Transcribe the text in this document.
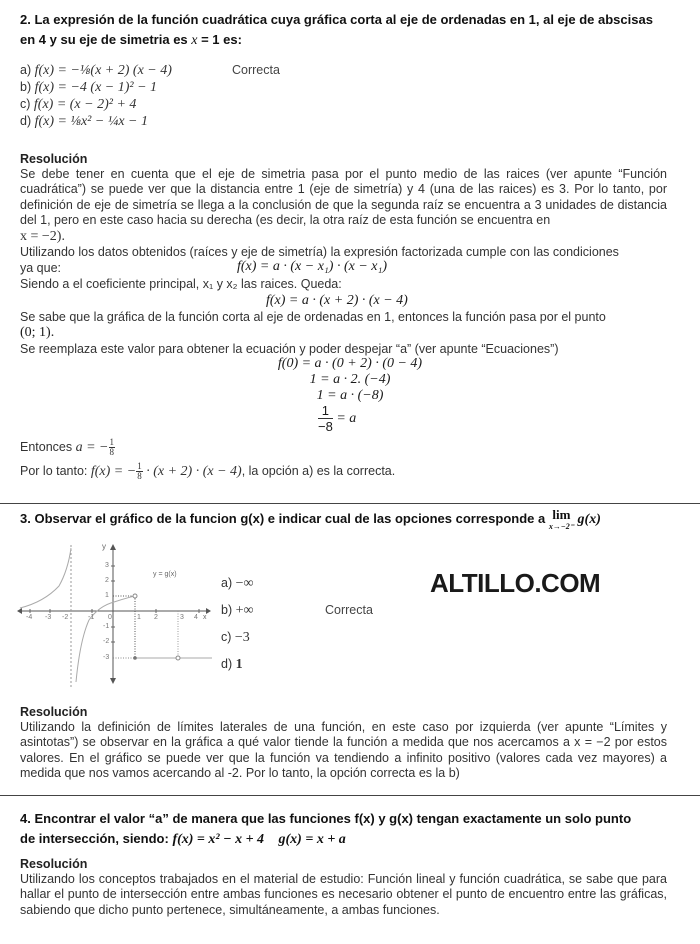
2. La expresión de la función cuadrática cuya gráfica corta al eje de ordenadas en 1, al eje de abscisas
en 4 y su eje de simetria es x = 1 es:
a) f(x) = −⅛(x + 2) (x − 4)	Correcta
b) f(x) = −4 (x − 1)² − 1
c) f(x) = (x − 2)² + 4
d) f(x) = ⅛x² − ¼x − 1
Resolución
Se debe tener en cuenta que el eje de simetria pasa por el punto medio de las raices (ver apunte “Función cuadrática”) se puede ver que la distancia entre 1 (eje de simetría) y 4 (una de las raices) es 3. Por lo tanto, por definición de eje de simetría se llega a la conclusión de que la segunda raíz se encuentra a 3 unidades de distancia del 1, pero en este caso hacia su derecha (es decir, la otra raíz de esta función se encuentra en
x = −2).
Utilizando los datos obtenidos (raíces y eje de simetría) la expresión factorizada cumple con las condiciones
ya que:	f(x) = a · (x − x₁) · (x − x₁)
Siendo a el coeficiente principal, x₁ y x₂ las raices. Queda:
f(x) = a · (x + 2) · (x − 4)
Se sabe que la gráfica de la función corta al eje de ordenadas en 1, entonces la función pasa por el punto
(0; 1).
Se reemplaza este valor para obtener la ecuación y poder despejar “a” (ver apunte “Ecuaciones”)
f(0) = a · (0 + 2) · (0 − 4)
1 = a · 2. (−4)
1 = a · (−8)
$\frac{1}{-8} = a$
Entonces a = − $\frac{1}{8}$
Por lo tanto: f(x) = − $\frac{1}{8} \cdot (x + 2) \cdot (x - 4)$, la opción a) es la correcta.
3. Observar el gráfico de la funcion g(x) e indicar cual de las opciones corresponde a lim
x→−2⁻ g(x)
y
x
y = g(x)
-4 -3 -2	-1 0	1 2	3 4
3
2
1
-1
-2
-3
a) −∞
b) +∞	Correcta
c) −3
d) 1
ALTILLO.COM
Resolución
Utilizando la definición de límites laterales de una función, en este caso por izquierda (ver apunte “Límites y asintotas”) se observar en la gráfica a qué valor tiende la función a medida que nos acercamos a x = −2 por estos valores. En el gráfico se puede ver que la función va tendiendo a infinito positivo (valores cada vez mayores) a medida que nos vamos acercando al -2. Por lo tanto, la opción correcta es la b)
4. Encontrar el valor “a” de manera que las funciones f(x) y g(x) tengan exactamente un solo punto
de intersección, siendo: f(x) = x² − x + 4 g(x) = x + a
Resolución
Utilizando los conceptos trabajados en el material de estudio: Función lineal y función cuadrática, se sabe que para hallar el punto de intersección entre ambas funciones es necesario obtener el punto de encuentro entre las gráficas, sabiendo que dicho punto pertenece, simultáneamente, a ambas funciones.
